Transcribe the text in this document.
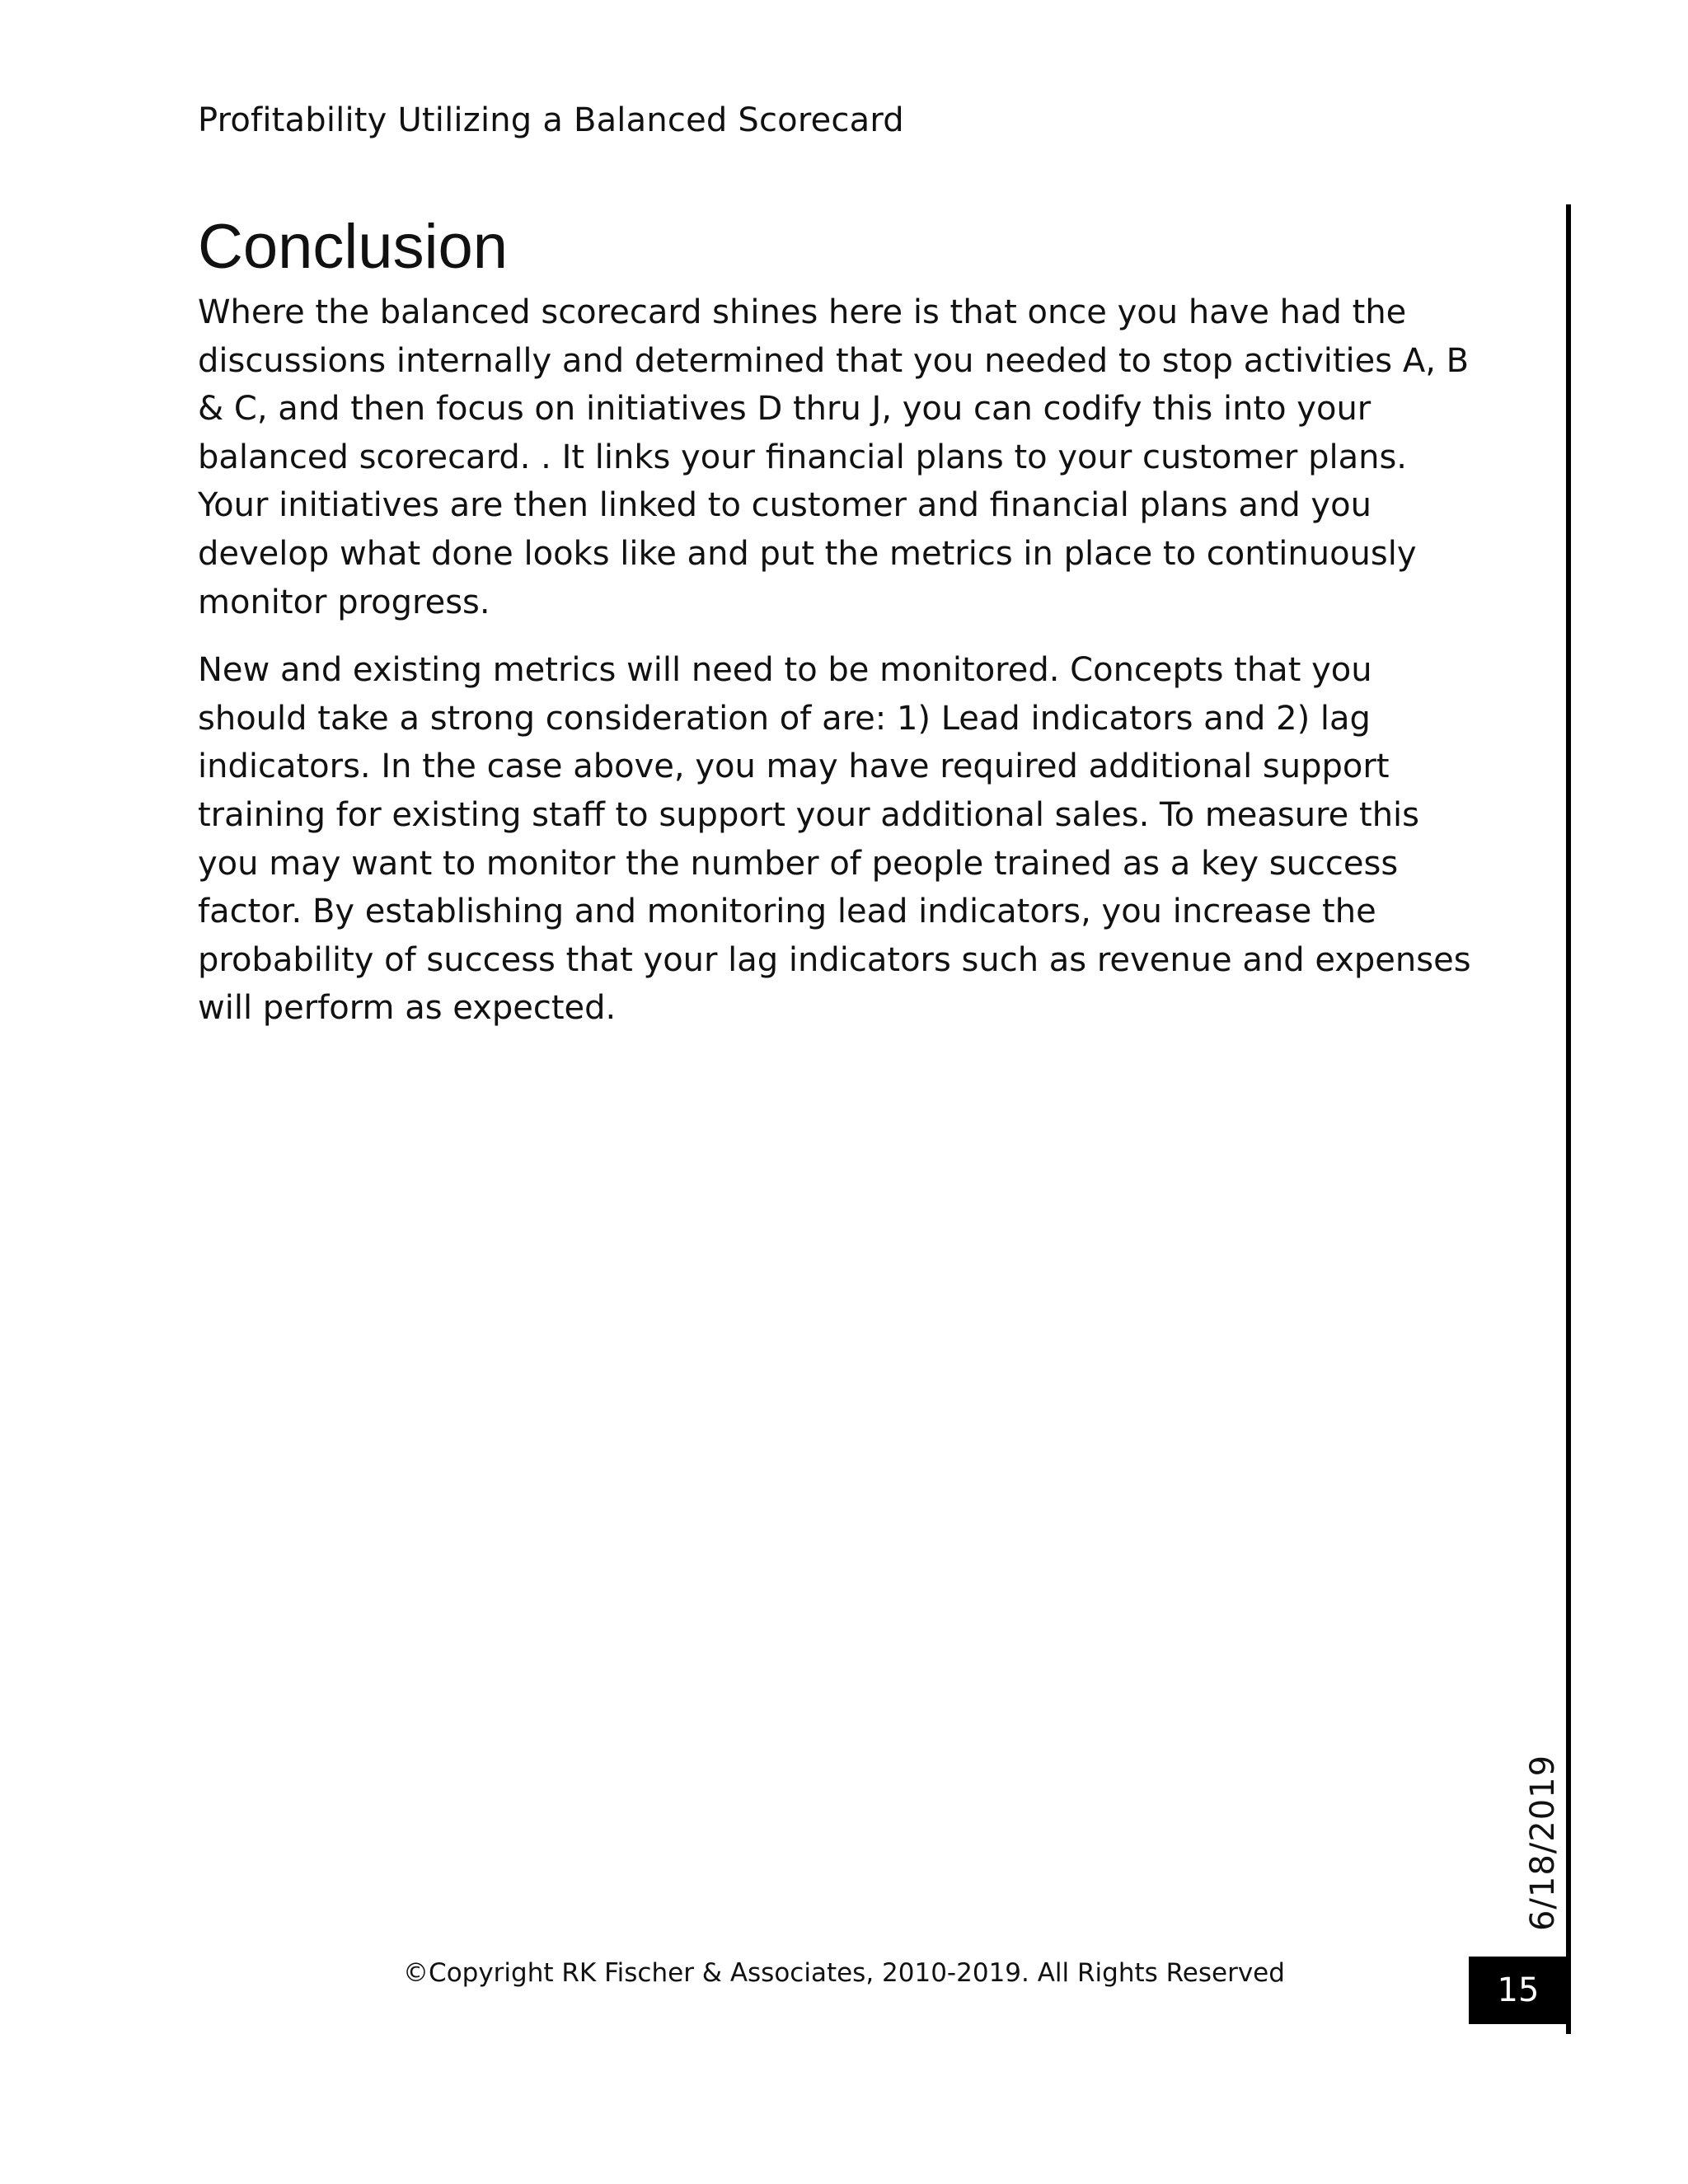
Profitability Utilizing a Balanced Scorecard
Conclusion

Where the balanced scorecard shines here is that once you have had the discussions internally and determined that you needed to stop activities A, B & C, and then focus on initiatives D thru J, you can codify this into your balanced scorecard. . It links your financial plans to your customer plans. Your initiatives are then linked to customer and financial plans and you develop what done looks like and put the metrics in place to continuously monitor progress.

New and existing metrics will need to be monitored. Concepts that you should take a strong consideration of are: 1) Lead indicators and 2) lag indicators. In the case above, you may have required additional support training for existing staff to support your additional sales. To measure this you may want to monitor the number of people trained as a key success factor. By establishing and monitoring lead indicators, you increase the probability of success that your lag indicators such as revenue and expenses will perform as expected.

6/18/2019
©Copyright RK Fischer & Associates, 2010-2019. All Rights Reserved	15
